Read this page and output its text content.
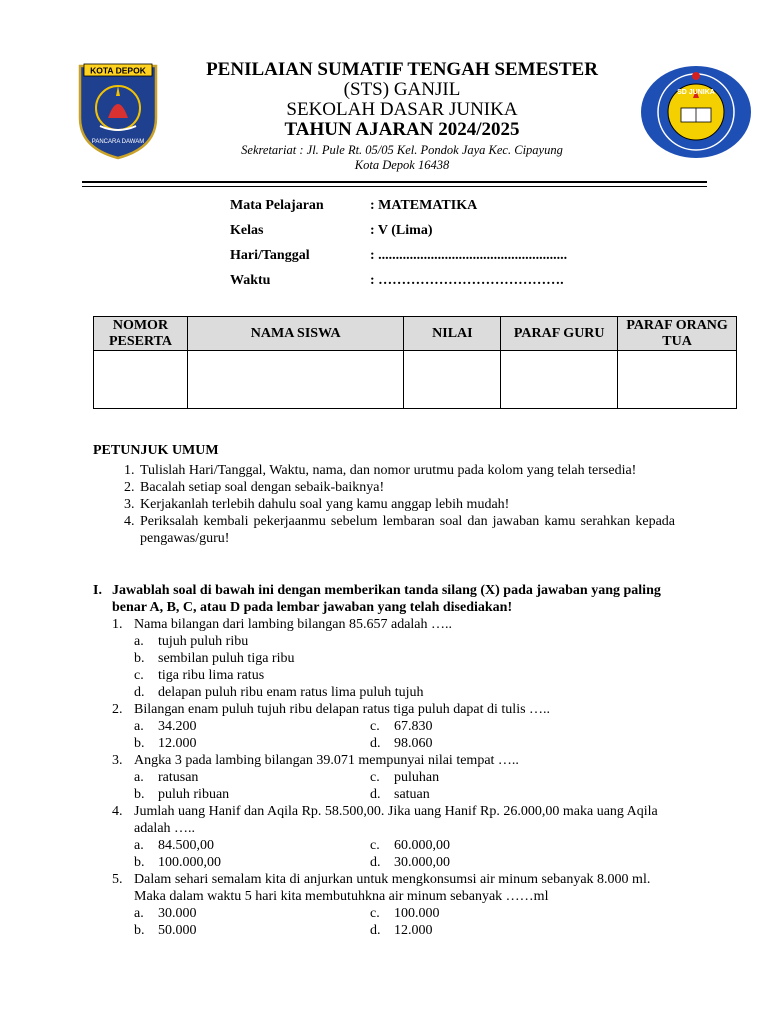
KOTA DEPOK
PANCARA DAWAM
SD JUNIKA
PENILAIAN SUMATIF TENGAH SEMESTER
(STS) GANJIL
SEKOLAH DASAR JUNIKA
TAHUN AJARAN 2024/2025
Sekretariat : Jl. Pule Rt. 05/05 Kel. Pondok Jaya Kec. Cipayung
Kota Depok 16438
Mata Pelajaran	: MATEMATIKA
Kelas	: V (Lima)
Hari/Tanggal	: ......................................................
Waktu	: ………………………………….
NOMOR PESERTA	NAMA SISWA	NILAI	PARAF GURU	PARAF ORANG TUA

PETUNJUK UMUM
1. Tulislah Hari/Tanggal, Waktu, nama, dan nomor urutmu pada kolom yang telah tersedia!
2. Bacalah setiap soal dengan sebaik-baiknya!
3. Kerjakanlah terlebih dahulu soal yang kamu anggap lebih mudah!
4. Periksalah kembali pekerjaanmu sebelum lembaran soal dan jawaban kamu serahkan kepada pengawas/guru!
I. Jawablah soal di bawah ini dengan memberikan tanda silang (X) pada jawaban yang paling benar A, B, C, atau D pada lembar jawaban yang telah disediakan!
1. Nama bilangan dari lambing bilangan 85.657 adalah …..
a.	tujuh puluh ribu
b. sembilan puluh tiga ribu
c.	tiga ribu lima ratus
d. delapan puluh ribu enam ratus lima puluh tujuh
2. Bilangan enam puluh tujuh ribu delapan ratus tiga puluh dapat di tulis …..
a.	34.200	c.	67.830
b. 12.000	d. 98.060
3. Angka 3 pada lambing bilangan 39.071 mempunyai nilai tempat …..
a.	ratusan	c.	puluhan
b. puluh ribuan	d. satuan
4. Jumlah uang Hanif dan Aqila Rp. 58.500,00. Jika uang Hanif Rp. 26.000,00 maka uang Aqila adalah …..
a.	84.500,00	c.	60.000,00
b. 100.000,00	d. 30.000,00
5. Dalam sehari semalam kita di anjurkan untuk mengkonsumsi air minum sebanyak 8.000 ml. Maka dalam waktu 5 hari kita membutuhkna air minum sebanyak ……ml
a.	30.000	c.	100.000
b. 50.000	d. 12.000
